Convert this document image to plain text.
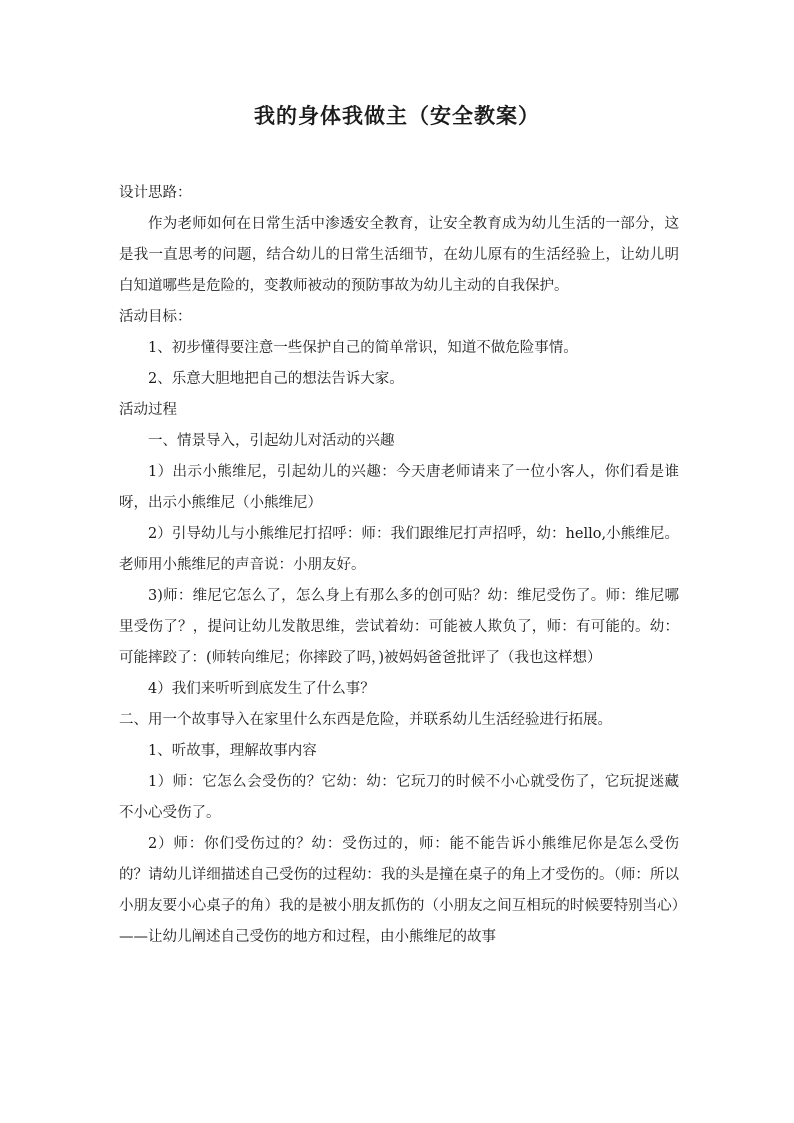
我的身体我做主（安全教案）

设计思路：

作为老师如何在日常生活中渗透安全教育，让安全教育成为幼儿生活的一部分，这是我一直思考的问题，结合幼儿的日常生活细节，在幼儿原有的生活经验上，让幼儿明白知道哪些是危险的，变教师被动的预防事故为幼儿主动的自我保护。

活动目标：

1、初步懂得要注意一些保护自己的简单常识，知道不做危险事情。

2、乐意大胆地把自己的想法告诉大家。

活动过程

一、情景导入，引起幼儿对活动的兴趣

1）出示小熊维尼，引起幼儿的兴趣：今天唐老师请来了一位小客人，你们看是谁呀，出示小熊维尼（小熊维尼）

2）引导幼儿与小熊维尼打招呼：师：我们跟维尼打声招呼，幼：hello,小熊维尼。老师用小熊维尼的声音说：小朋友好。

3)师：维尼它怎么了，怎么身上有那么多的创可贴？幼：维尼受伤了。师：维尼哪里受伤了？，提问让幼儿发散思维，尝试着幼：可能被人欺负了，师：有可能的。幼：可能摔跤了：(师转向维尼；你摔跤了吗，)被妈妈爸爸批评了（我也这样想）

4）我们来听听到底发生了什么事？

二、用一个故事导入在家里什么东西是危险，并联系幼儿生活经验进行拓展。

1、听故事，理解故事内容

1）师：它怎么会受伤的？它幼：幼：它玩刀的时候不小心就受伤了，它玩捉迷藏不小心受伤了。

2）师：你们受伤过的？幼：受伤过的，师：能不能告诉小熊维尼你是怎么受伤的？请幼儿详细描述自己受伤的过程幼：我的头是撞在桌子的角上才受伤的。（师：所以小朋友要小心桌子的角）我的是被小朋友抓伤的（小朋友之间互相玩的时候要特别当心）——让幼儿阐述自己受伤的地方和过程，由小熊维尼的故事
